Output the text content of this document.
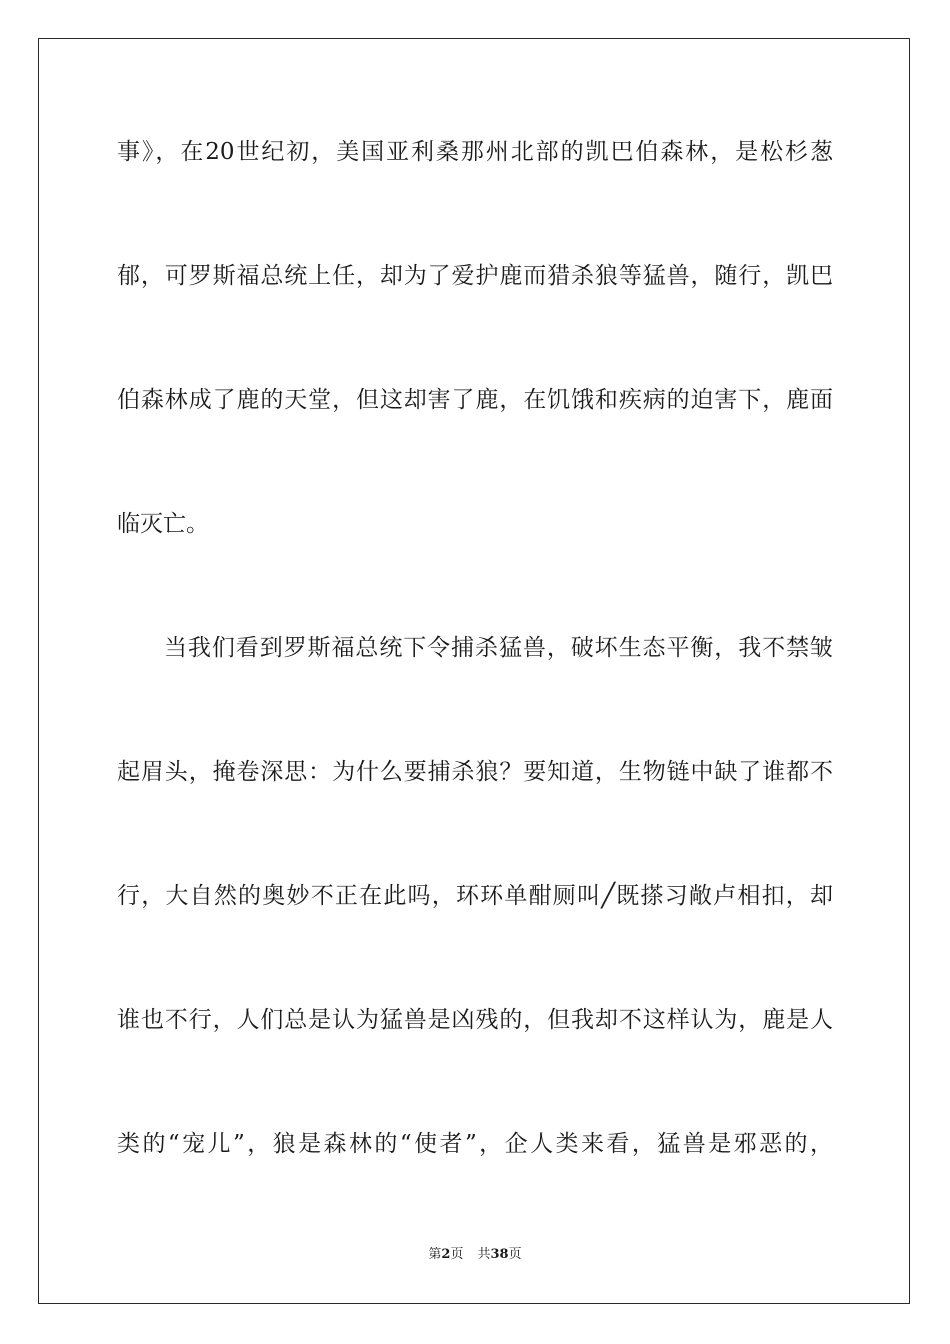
事》，在20世纪初，美国亚利桑那州北部的凯巴伯森林，是松杉葱
郁，可罗斯福总统上任，却为了爱护鹿而猎杀狼等猛兽，随行，凯巴
伯森林成了鹿的天堂，但这却害了鹿，在饥饿和疾病的迫害下，鹿面
临灭亡。
当我们看到罗斯福总统下令捕杀猛兽，破坏生态平衡，我不禁皱
起眉头，掩卷深思：为什么要捕杀狼？要知道，生物链中缺了谁都不
行，大自然的奥妙不正在此吗，环环单酣厕叫╱既搽习敞卢相扣，却
谁也不行，人们总是认为猛兽是凶残的，但我却不这样认为，鹿是人
类的“宠儿”，狼是森林的“使者”，企人类来看，猛兽是邪恶的，
第2页 共38页
